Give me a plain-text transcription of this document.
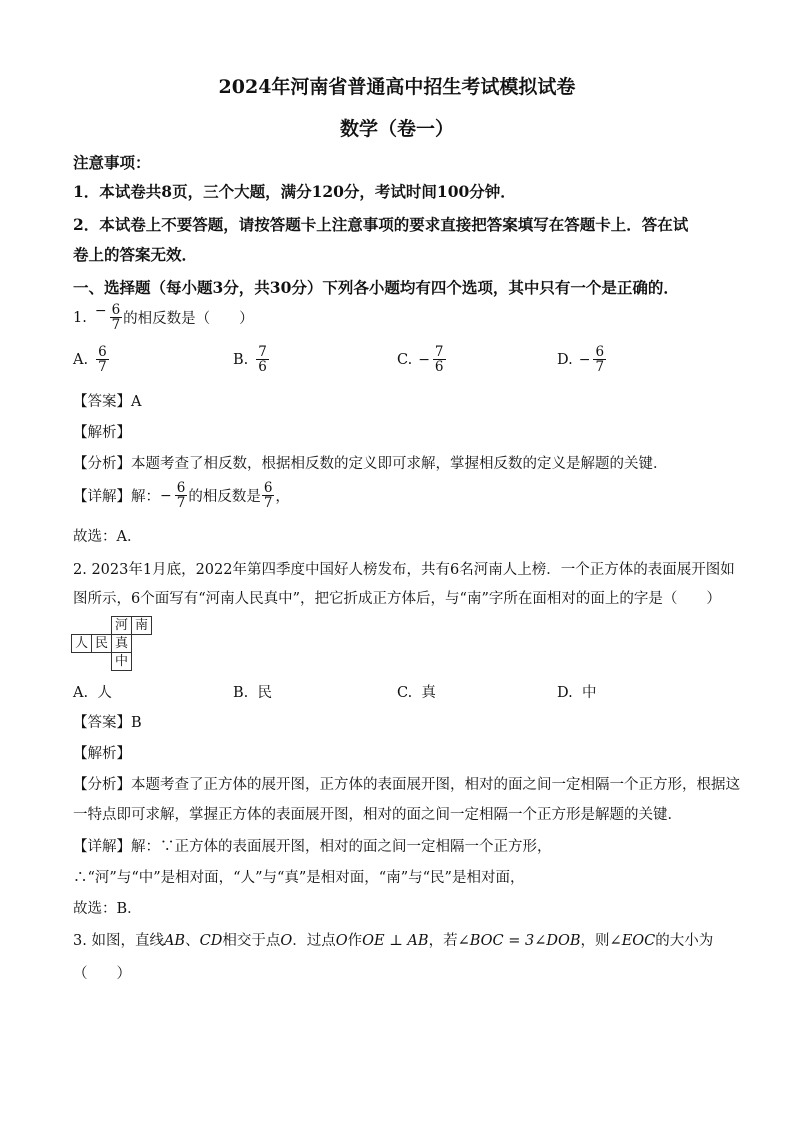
2024年河南省普通高中招生考试模拟试卷
数学（卷一）
注意事项：
1．本试卷共8页，三个大题，满分120分，考试时间100分钟．
2．本试卷上不要答题，请按答题卡上注意事项的要求直接把答案填写在答题卡上．答在试
卷上的答案无效．
一、选择题（每小题3分，共30分）下列各小题均有四个选项，其中只有一个是正确的．
1. − $\frac{6}{7}$ 的相反数是（　　）
A. $\frac{6}{7}$	B. $\frac{7}{6}$	C. − $\frac{7}{6}$	D. − $\frac{6}{7}$
【答案】A
【解析】
【分析】本题考查了相反数，根据相反数的定义即可求解，掌握相反数的定义是解题的关键．
【详解】 解： − $\frac{6}{7}$ 的相反数是 $\frac{6}{7}$ ，
故选：A．
2. 2023年1月底，2022年第四季度中国好人榜发布，共有6名河南人上榜．一个正方体的表面展开图如
图所示，6个面写有“河南人民真中”，把它折成正方体后，与“南”字所在面相对的面上的字是（　　）
		河	南
人	民	真	
		中	
A. 人	B. 民	C. 真	D. 中
【答案】B
【解析】
【分析】本题考查了正方体的展开图，正方体的表面展开图，相对的面之间一定相隔一个正方形，根据这
一特点即可求解，掌握正方体的表面展开图，相对的面之间一定相隔一个正方形是解题的关键．
【详解】解：∵正方体的表面展开图，相对的面之间一定相隔一个正方形，
∴“河”与“中”是相对面，“人”与“真”是相对面，“南”与“民”是相对面，
故选：B．
3. 如图，直线AB、CD相交于点O．过点O作OE ⊥ AB，若∠BOC = 3∠DOB，则∠EOC的大小为
（　　）
